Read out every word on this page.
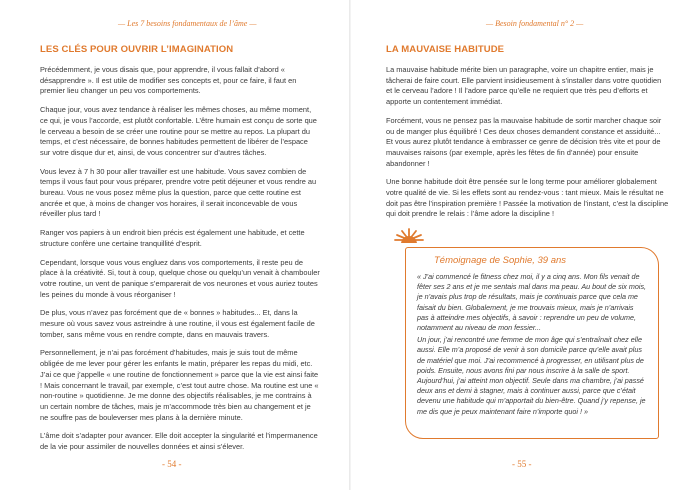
— Les 7 besoins fondamentaux de l’âme —
LES CLÉS POUR OUVRIR L’IMAGINATION

Précédemment, je vous disais que, pour apprendre, il vous fallait d’abord « désapprendre ». Il est utile de modifier ses concepts et, pour ce faire, il faut en premier lieu changer un peu vos comportements.

Chaque jour, vous avez tendance à réaliser les mêmes choses, au même moment, ce qui, je vous l’accorde, est plutôt confortable. L’être humain est conçu de sorte que le cerveau a besoin de se créer une routine pour se mettre au repos. La plupart du temps, et c’est nécessaire, de bonnes habitudes permettent de libérer de l’espace sur votre disque dur et, ainsi, de vous concentrer sur d’autres tâches.

Vous levez à 7 h 30 pour aller travailler est une habitude. Vous savez combien de temps il vous faut pour vous préparer, prendre votre petit déjeuner et vous rendre au bureau. Vous ne vous posez même plus la question, parce que cette routine est ancrée et que, à moins de changer vos horaires, il serait inconcevable de vous réveiller plus tard !

Ranger vos papiers à un endroit bien précis est également une habitude, et cette structure confère une certaine tranquillité d’esprit.

Cependant, lorsque vous vous engluez dans vos comportements, il reste peu de place à la créativité. Si, tout à coup, quelque chose ou quelqu’un venait à chambouler votre routine, un vent de panique s’emparerait de vos neurones et vous auriez toutes les peines du monde à vous réorganiser !

De plus, vous n’avez pas forcément que de « bonnes » habitudes... Et, dans la mesure où vous savez vous astreindre à une routine, il vous est également facile de tomber, sans même vous en rendre compte, dans en mauvais travers.

Personnellement, je n’ai pas forcément d’habitudes, mais je suis tout de même obligée de me lever pour gérer les enfants le matin, préparer les repas du midi, etc. J’ai ce que j’appelle « une routine de fonctionnement » parce que la vie est ainsi faite ! Mais concernant le travail, par exemple, c’est tout autre chose. Ma routine est une « non-routine » quotidienne. Je me donne des objectifs réalisables, je me contrains à un certain nombre de tâches, mais je m’accommode très bien au changement et je ne souffre pas de bouleverser mes plans à la dernière minute.

L’âme doit s’adapter pour avancer. Elle doit accepter la singularité et l’impermanence de la vie pour assimiler de nouvelles données et ainsi s’élever.

- 54 -
— Besoin fondamental n° 2 —
LA MAUVAISE HABITUDE

La mauvaise habitude mérite bien un paragraphe, voire un chapitre entier, mais je tâcherai de faire court. Elle parvient insidieusement à s’installer dans votre quotidien et le cerveau l’adore ! Il l’adore parce qu’elle ne requiert que très peu d’efforts et apporte un contentement immédiat.

Forcément, vous ne pensez pas la mauvaise habitude de sortir marcher chaque soir ou de manger plus équilibré ! Ces deux choses demandent constance et assiduité... Et vous aurez plutôt tendance à embrasser ce genre de décision très vite et pour de mauvaises raisons (par exemple, après les fêtes de fin d’année) pour ensuite abandonner !

Une bonne habitude doit être pensée sur le long terme pour améliorer globalement votre qualité de vie. Si les effets sont au rendez-vous : tant mieux. Mais le résultat ne doit pas être l’inspiration première ! Passée la motivation de l’instant, c’est la discipline qui doit prendre le relais : l’âme adore la discipline !

Témoignage de Sophie, 39 ans

« J’ai commencé le fitness chez moi, il y a cinq ans. Mon fils venait de fêter ses 2 ans et je me sentais mal dans ma peau. Au bout de six mois, je n’avais plus trop de résultats, mais je continuais parce que cela me faisait du bien. Globalement, je me trouvais mieux, mais je n’arrivais pas à atteindre mes objectifs, à savoir : reprendre un peu de volume, notamment au niveau de mon fessier...

Un jour, j’ai rencontré une femme de mon âge qui s’entraînait chez elle aussi. Elle m’a proposé de venir à son domicile parce qu’elle avait plus de matériel que moi. J’ai recommencé à progresser, en utilisant plus de poids. Ensuite, nous avons fini par nous inscrire à la salle de sport. Aujourd’hui, j’ai atteint mon objectif. Seule dans ma chambre, j’ai passé deux ans et demi à stagner, mais à continuer aussi, parce que c’était devenu une habitude qui m’apportait du bien-être. Quand j’y repense, je me dis que je peux maintenant faire n’importe quoi ! »

- 55 -
